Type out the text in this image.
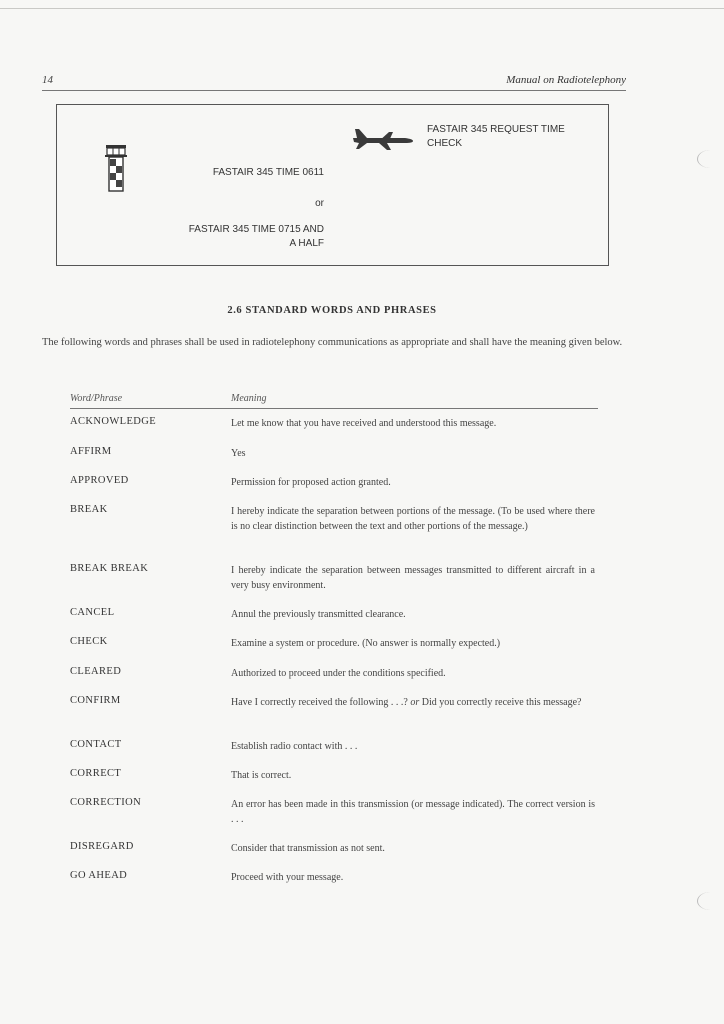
14	Manual on Radiotelephony
FASTAIR 345 REQUEST TIME CHECK
FASTAIR 345 TIME 0611
or
FASTAIR 345 TIME 0715 AND
A HALF
2.6 STANDARD WORDS AND PHRASES
The following words and phrases shall be used in radiotelephony communications as appropriate and shall have the meaning given below.
Word/Phrase	Meaning
ACKNOWLEDGE	Let me know that you have received and understood this message.
AFFIRM	Yes
APPROVED	Permission for proposed action granted.
BREAK	I hereby indicate the separation between portions of the message. (To be used where there is no clear distinction between the text and other portions of the message.)
BREAK BREAK	I hereby indicate the separation between messages transmitted to different aircraft in a very busy environment.
CANCEL	Annul the previously transmitted clearance.
CHECK	Examine a system or procedure. (No answer is normally expected.)
CLEARED	Authorized to proceed under the conditions specified.
CONFIRM	Have I correctly received the following . . .? or Did you correctly receive this message?
CONTACT	Establish radio contact with . . .
CORRECT	That is correct.
CORRECTION	An error has been made in this transmission (or message indicated). The correct version is . . .
DISREGARD	Consider that transmission as not sent.
GO AHEAD	Proceed with your message.
